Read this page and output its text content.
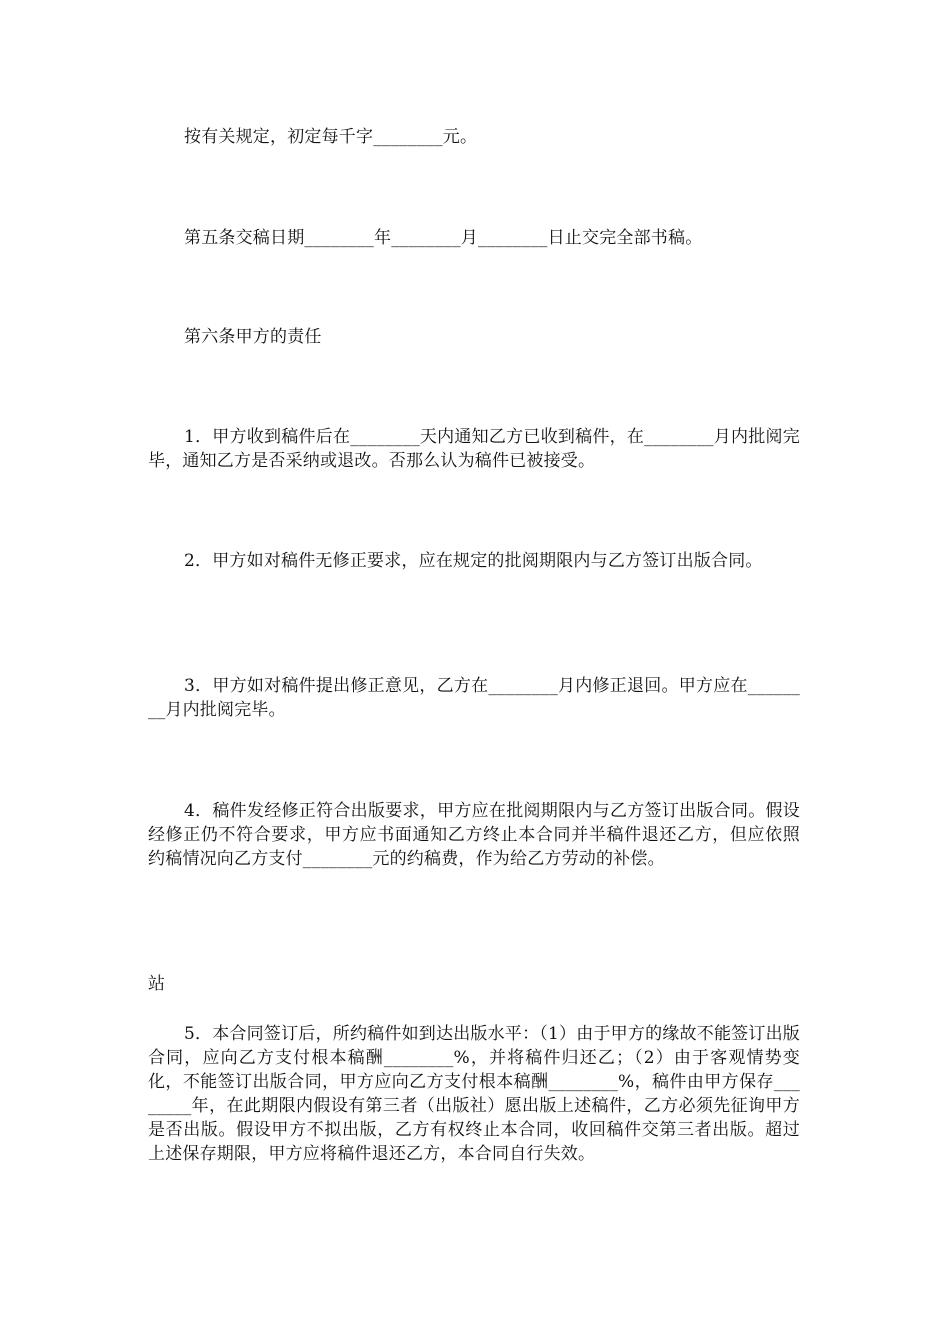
按有关规定，初定每千字________元。
第五条交稿日期________年________月________日止交完全部书稿。
第六条甲方的责任
1．甲方收到稿件后在________天内通知乙方已收到稿件，在________月内批阅完毕，通知乙方是否采纳或退改。否那么认为稿件已被接受。
2．甲方如对稿件无修正要求，应在规定的批阅期限内与乙方签订出版合同。
3．甲方如对稿件提出修正意见，乙方在________月内修正退回。甲方应在________月内批阅完毕。
4．稿件发经修正符合出版要求，甲方应在批阅期限内与乙方签订出版合同。假设经修正仍不符合要求，甲方应书面通知乙方终止本合同并半稿件退还乙方，但应依照约稿情况向乙方支付________元的约稿费，作为给乙方劳动的补偿。
站
5．本合同签订后，所约稿件如到达出版水平：（1）由于甲方的缘故不能签订出版合同，应向乙方支付根本稿酬________%，并将稿件归还乙；（2）由于客观情势变化，不能签订出版合同，甲方应向乙方支付根本稿酬________%，稿件由甲方保存________年，在此期限内假设有第三者（出版社）愿出版上述稿件，乙方必须先征询甲方是否出版。假设甲方不拟出版，乙方有权终止本合同，收回稿件交第三者出版。超过上述保存期限，甲方应将稿件退还乙方，本合同自行失效。
